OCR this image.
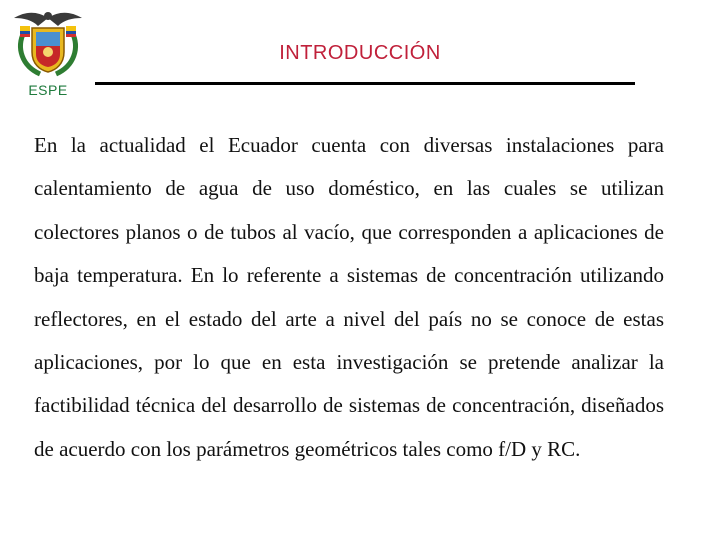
ESPE
INTRODUCCIÓN

En la actualidad el Ecuador cuenta con diversas instalaciones para calentamiento de agua de uso doméstico, en las cuales se utilizan colectores planos o de tubos al vacío, que corresponden a aplicaciones de baja temperatura. En lo referente a sistemas de concentración utilizando reflectores, en el estado del arte a nivel del país no se conoce de estas aplicaciones, por lo que en esta investigación se pretende analizar la factibilidad técnica del desarrollo de sistemas de concentración, diseñados de acuerdo con los parámetros geométricos tales como f/D y RC.
